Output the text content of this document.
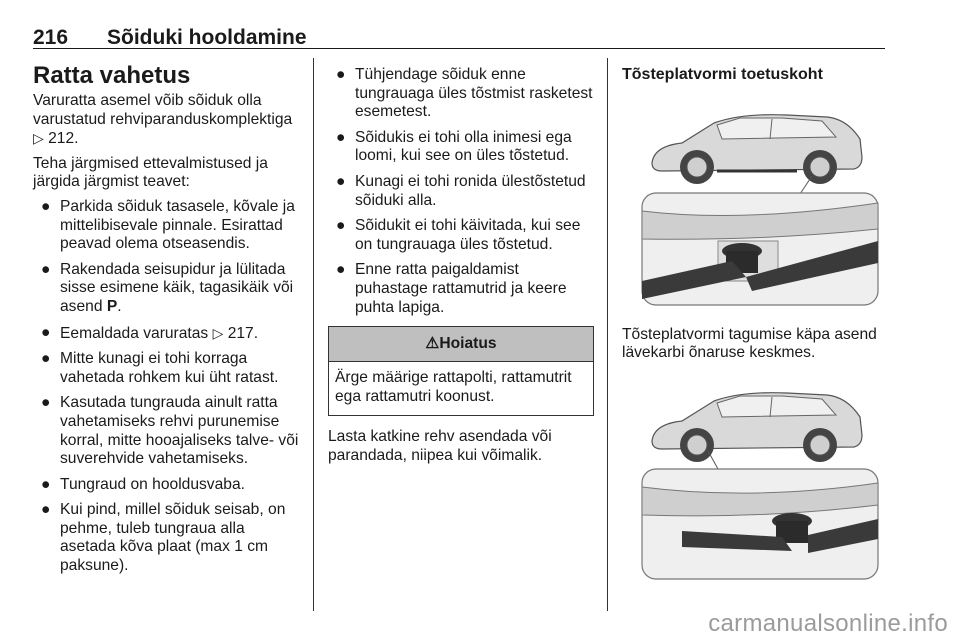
216 Sõiduki hooldamine
Ratta vahetus

Varuratta asemel võib sõiduk olla varustatud rehviparanduskomplektiga ▷ 212.

Teha järgmised ettevalmistused ja järgida järgmist teavet:

● Parkida sõiduk tasasele, kõvale ja mittelibisevale pinnale. Esirattad peavad olema otseasendis.
● Rakendada seisupidur ja lülitada sisse esimene käik, tagasikäik või asend P.
● Eemaldada varuratas ▷ 217.
● Mitte kunagi ei tohi korraga vahetada rohkem kui üht ratast.
● Kasutada tungrauda ainult ratta vahetamiseks rehvi purunemise korral, mitte hooajaliseks talve- või suverehvide vahetamiseks.
● Tungraud on hooldusvaba.
● Kui pind, millel sõiduk seisab, on pehme, tuleb tungraua alla asetada kõva plaat (max 1 cm paksune).
● Tühjendage sõiduk enne tungrauaga üles tõstmist rasketest esemetest.
● Sõidukis ei tohi olla inimesi ega loomi, kui see on üles tõstetud.
● Kunagi ei tohi ronida ülestõstetud sõiduki alla.
● Sõidukit ei tohi käivitada, kui see on tungrauaga üles tõstetud.
● Enne ratta paigaldamist puhastage rattamutrid ja keere puhta lapiga.
⚠Hoiatus
Ärge määrige rattapolti, rattamutrit ega rattamutri koonust.

Lasta katkine rehv asendada või parandada, niipea kui võimalik.

Tõsteplatvormi toetuskoht

Tõsteplatvormi tagumise käpa asend lävekarbi õnaruse keskmes.

carmanualsonline.info
